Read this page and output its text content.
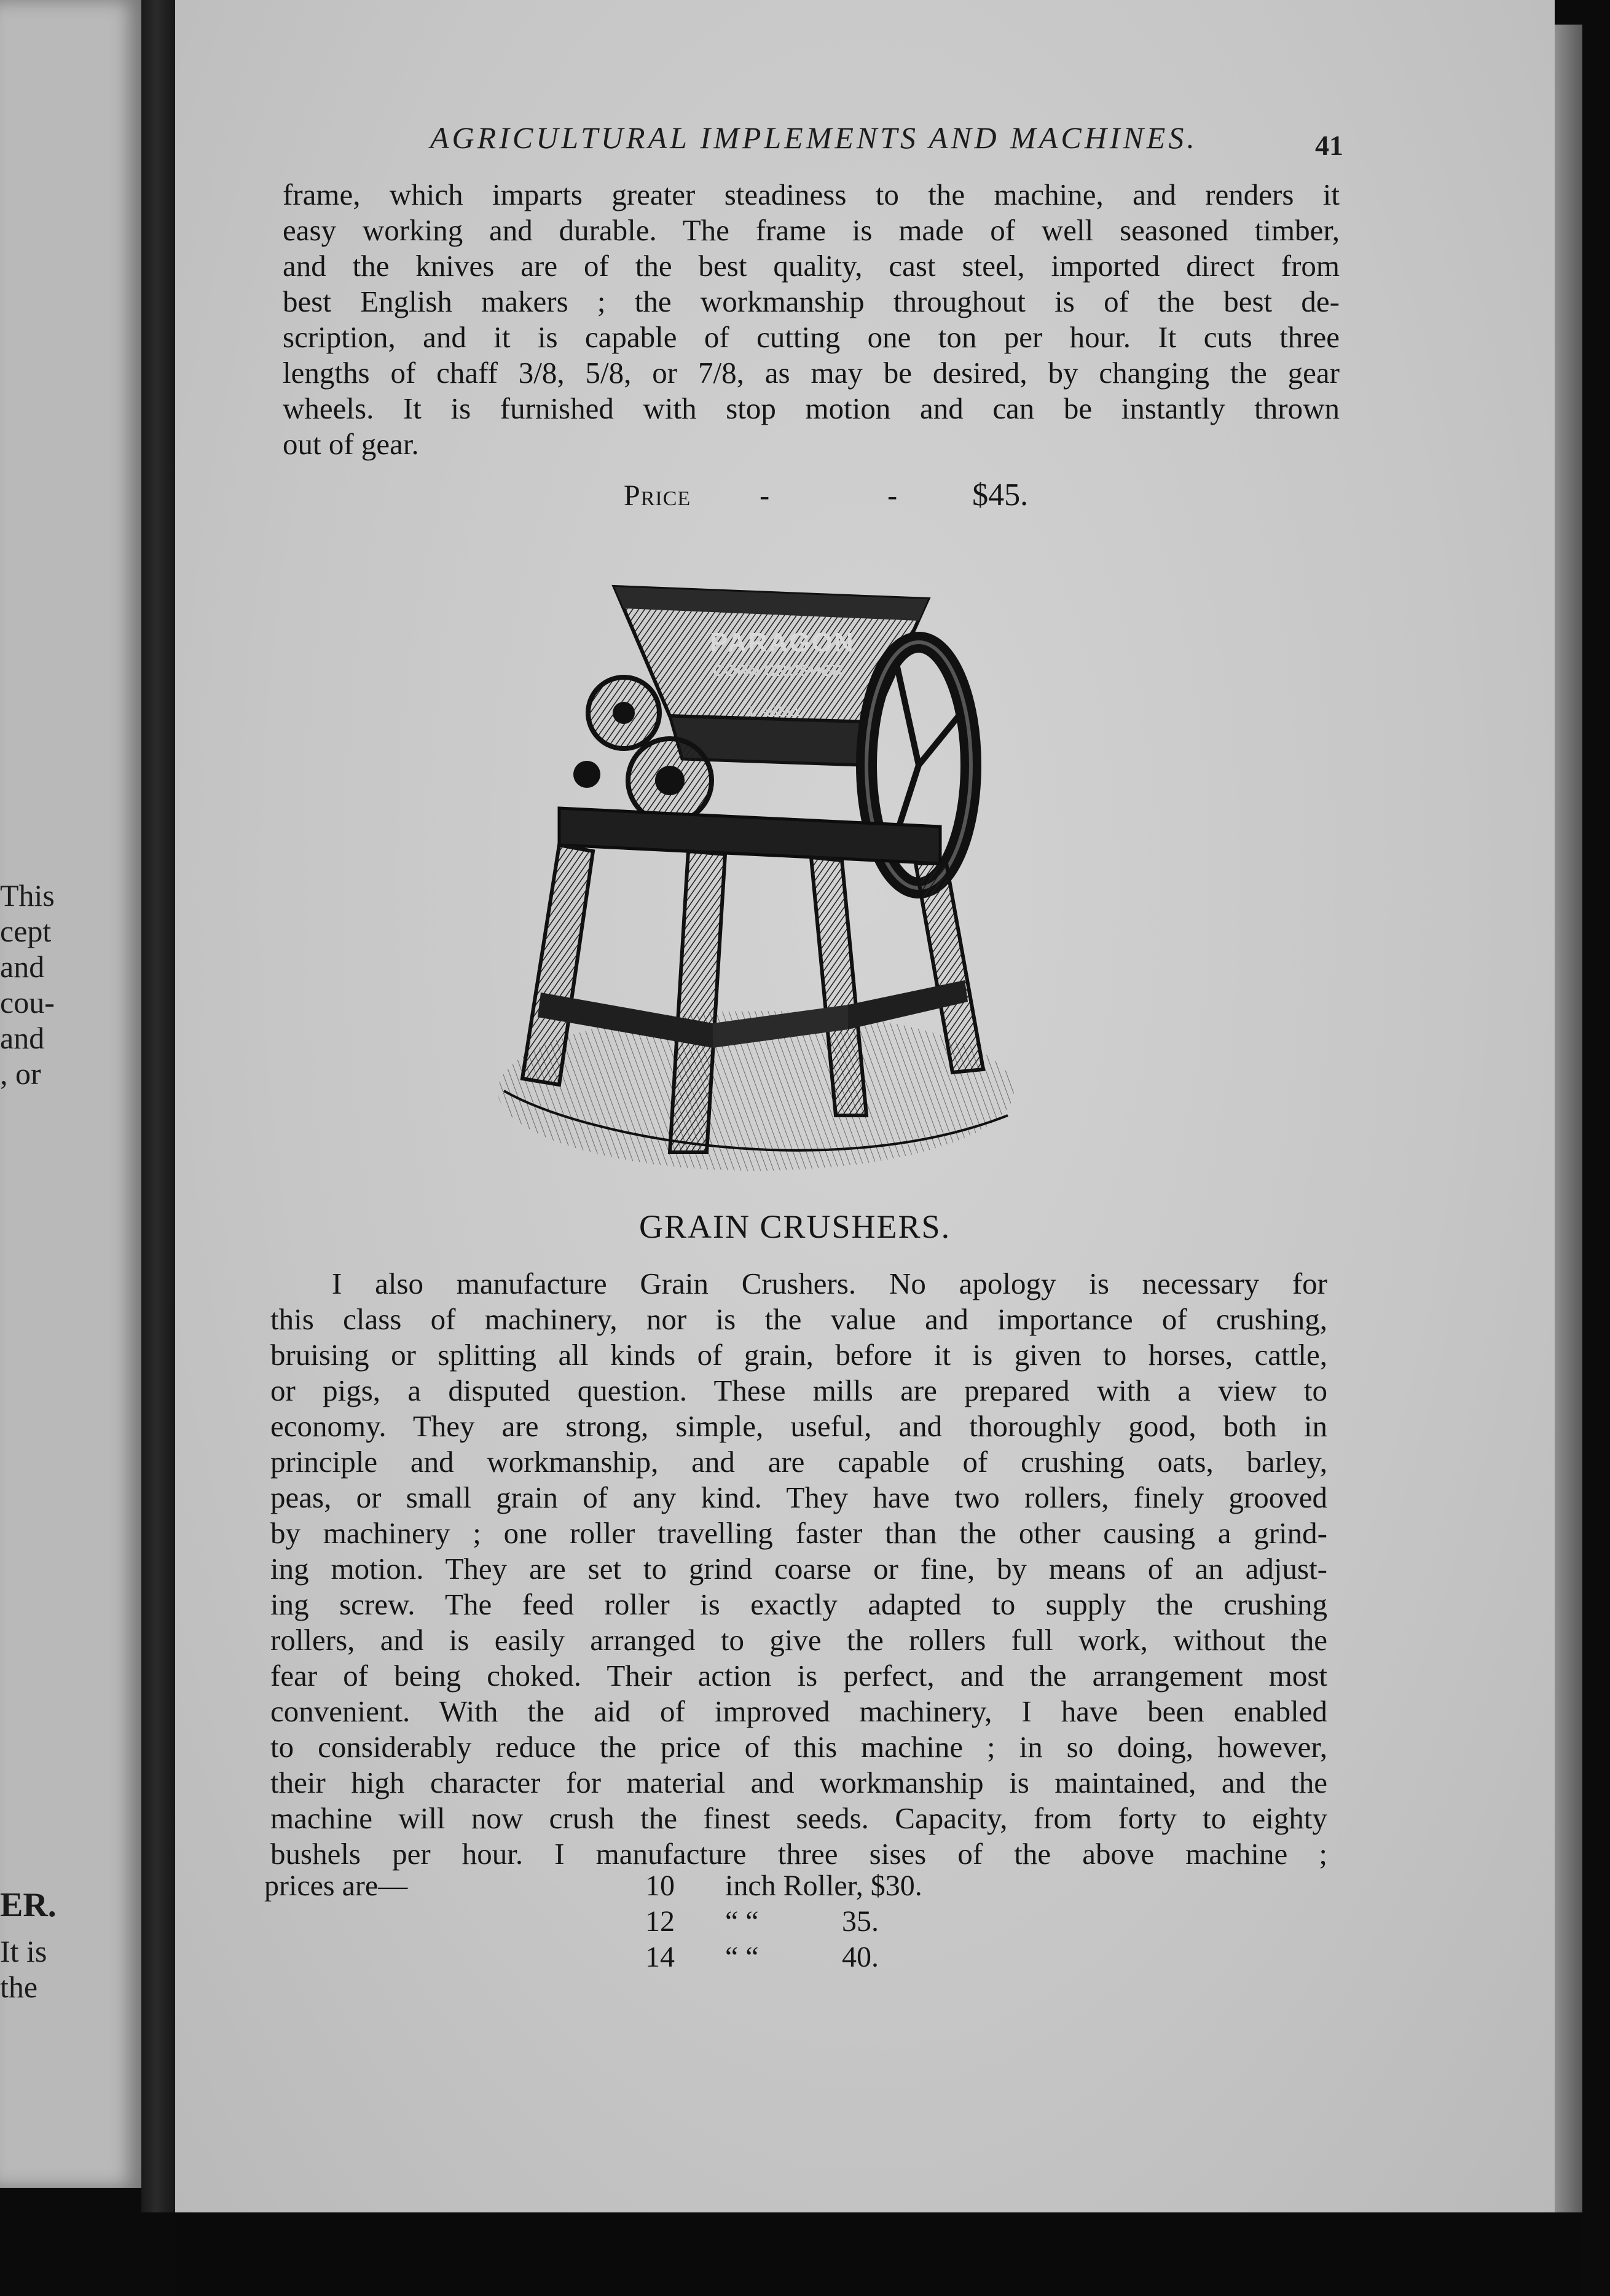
This
cept
and
cou-
and
, or
ER.
It is
the
AGRICULTURAL IMPLEMENTS AND MACHINES.	41
frame, which imparts greater steadiness to the machine, and renders it
easy working and durable. The frame is made of well seasoned timber,
and the knives are of the best quality, cast steel, imported direct from
best English makers ; the workmanship throughout is of the best de-
scription, and it is capable of cutting one ton per hour. It cuts three
lengths of chaff 3/8, 5/8, or 7/8, as may be desired, by changing the gear
wheels. It is furnished with stop motion and can be instantly thrown
out of gear.
Price - - $45.
PARAGON
CORN CRUSHER
J. ABELL
GRAIN CRUSHERS.
I also manufacture Grain Crushers. No apology is necessary for
this class of machinery, nor is the value and importance of crushing,
bruising or splitting all kinds of grain, before it is given to horses, cattle,
or pigs, a disputed question. These mills are prepared with a view to
economy. They are strong, simple, useful, and thoroughly good, both in
principle and workmanship, and are capable of crushing oats, barley,
peas, or small grain of any kind. They have two rollers, finely grooved
by machinery ; one roller travelling faster than the other causing a grind-
ing motion. They are set to grind coarse or fine, by means of an adjust-
ing screw. The feed roller is exactly adapted to supply the crushing
rollers, and is easily arranged to give the rollers full work, without the
fear of being choked. Their action is perfect, and the arrangement most
convenient. With the aid of improved machinery, I have been enabled
to considerably reduce the price of this machine ; in so doing, however,
their high character for material and workmanship is maintained, and the
machine will now crush the finest seeds. Capacity, from forty to eighty
bushels per hour. I manufacture three sises of the above machine ;
prices are—	10 inch Roller, $30.
12 “ “	35.
14 “ “	40.
